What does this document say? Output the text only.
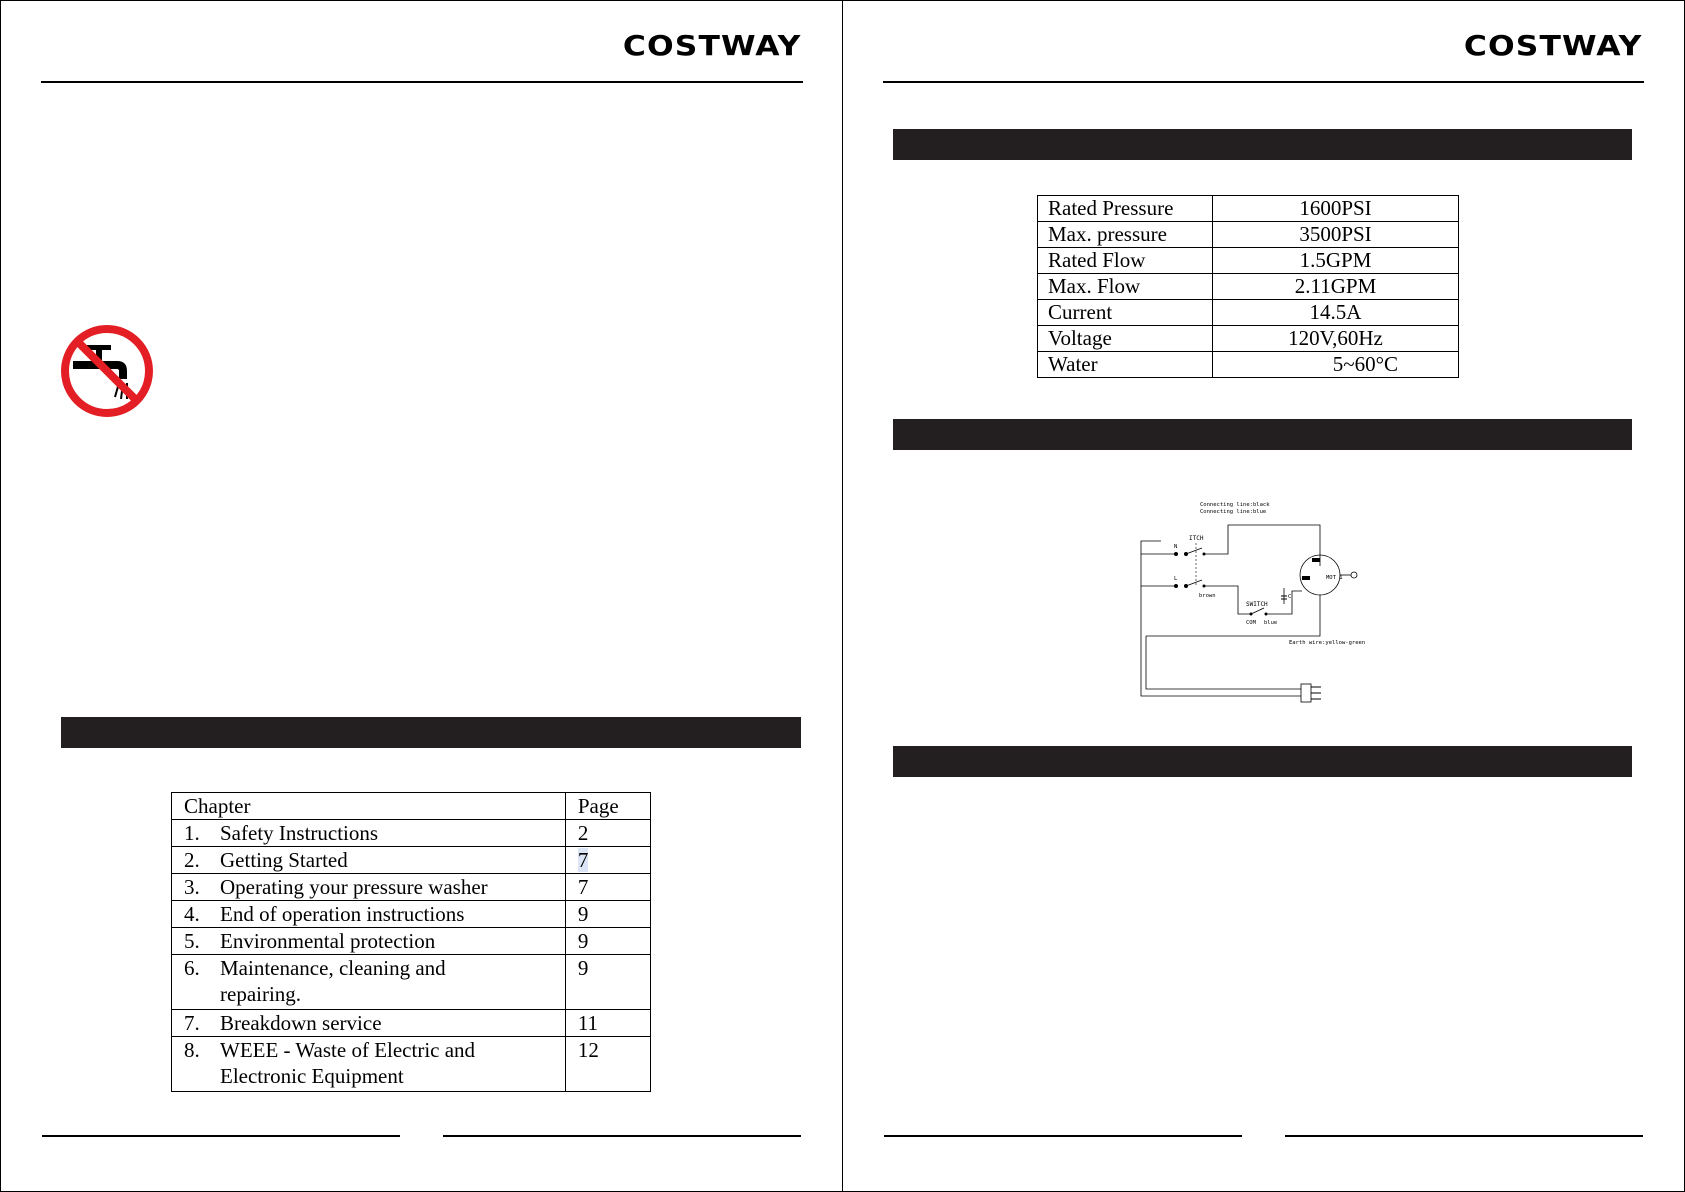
COSTWAY
Chapter	Page
1. Safety Instructions	2
2. Getting Started	7
3. Operating your pressure washer	7
4. End of operation instructions	9
5. Environmental protection	9
6. Maintenance, cleaning and repairing.	9
7. Breakdown service	11
8. WEEE - Waste of Electric and Electronic Equipment	12
COSTWAY
Rated Pressure	1600PSI
Max. pressure	3500PSI
Rated Flow	1.5GPM
Max. Flow	2.11GPM
Current	14.5A
Voltage	120V,60Hz
Water	5~60°C
Connecting line:black
Connecting line:blue
ITCH
N
L
brown
SWITCH
COM blue
C
MOT 1
Earth wire:yellow-green
